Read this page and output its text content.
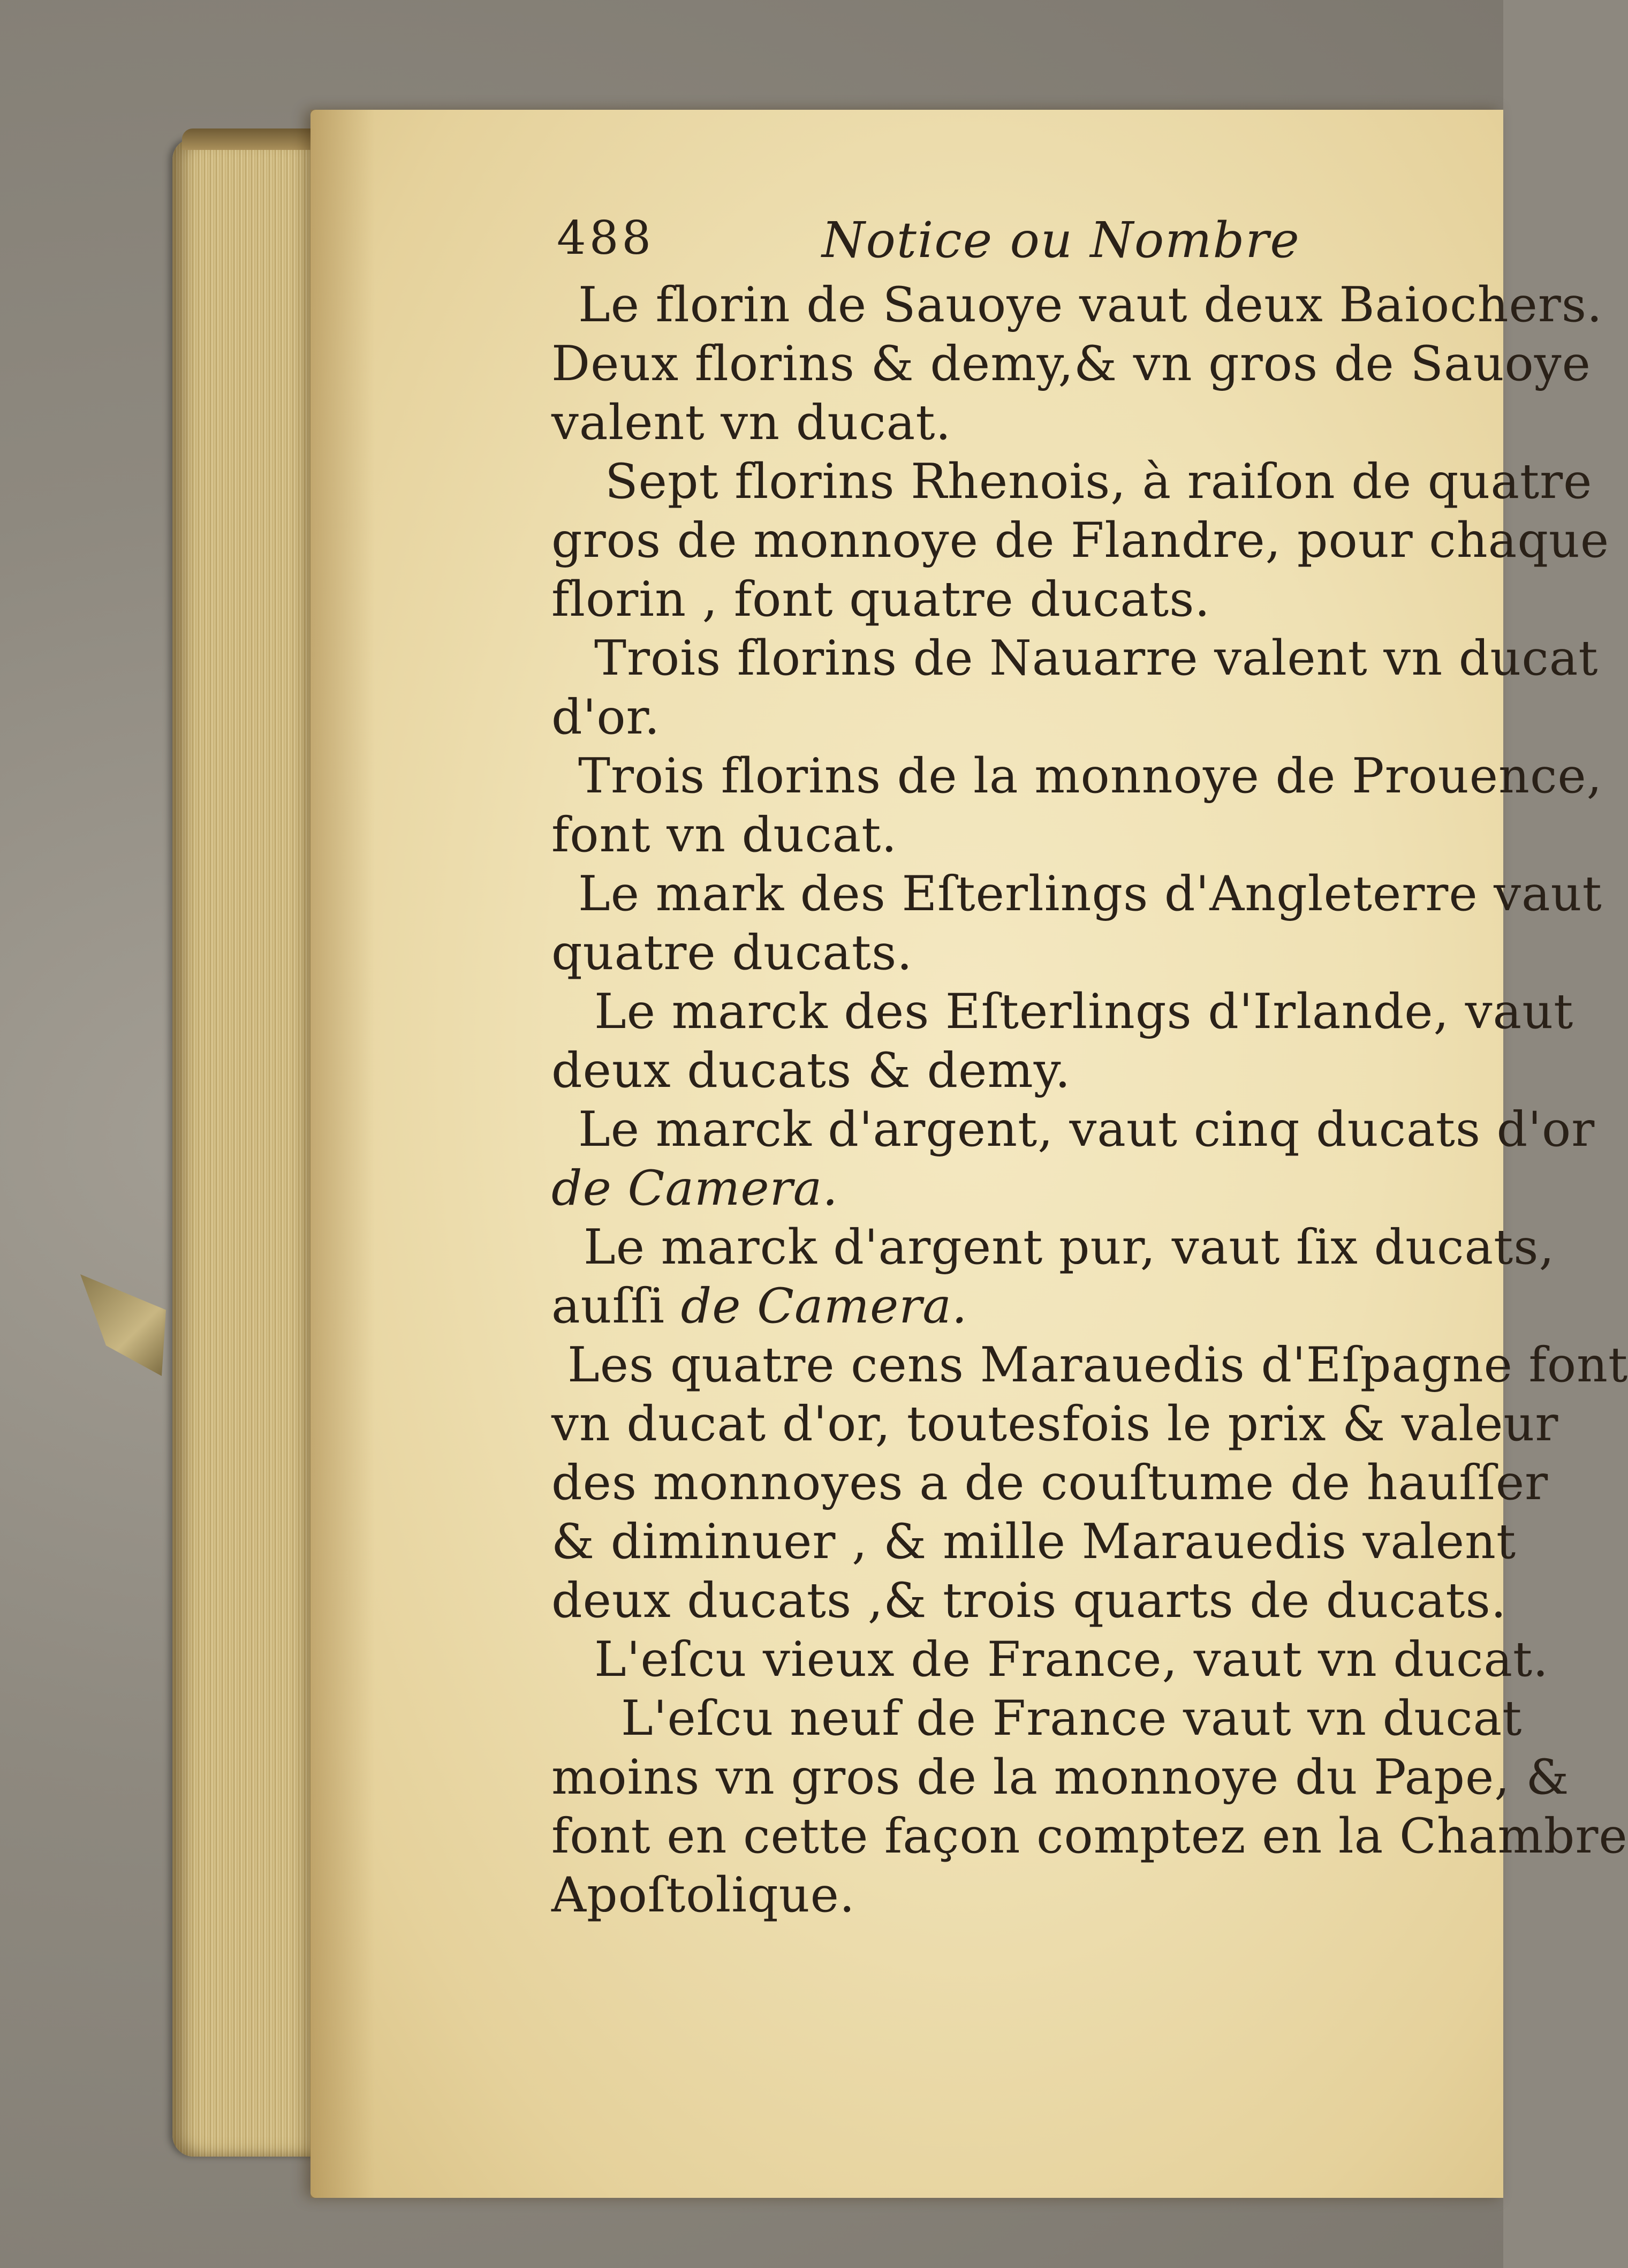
488	Notice ou Nombre
Le florin de Sauoye vaut deux Baiochers.
Deux florins & demy,& vn gros de Sauoye
valent vn ducat.
Sept florins Rhenois, à raiſon de quatre
gros de monnoye de Flandre, pour chaque
florin , font quatre ducats.
Trois florins de Nauarre valent vn ducat
d'or.
Trois florins de la monnoye de Prouence,
font vn ducat.
Le mark des Eſterlings d'Angleterre vaut
quatre ducats.
Le marck des Eſterlings d'Irlande, vaut
deux ducats & demy.
Le marck d'argent, vaut cinq ducats d'or
de Camera.
Le marck d'argent pur, vaut ſix ducats,
auſſi de Camera.
Les quatre cens Marauedis d'Eſpagne font
vn ducat d'or, toutesfois le prix & valeur
des monnoyes a de couſtume de hauſſer
& diminuer , & mille Marauedis valent
deux ducats ,& trois quarts de ducats.
L'eſcu vieux de France, vaut vn ducat.
L'eſcu neuf de France vaut vn ducat
moins vn gros de la monnoye du Pape, &
font en cette façon comptez en la Chambre
Apoſtolique.
